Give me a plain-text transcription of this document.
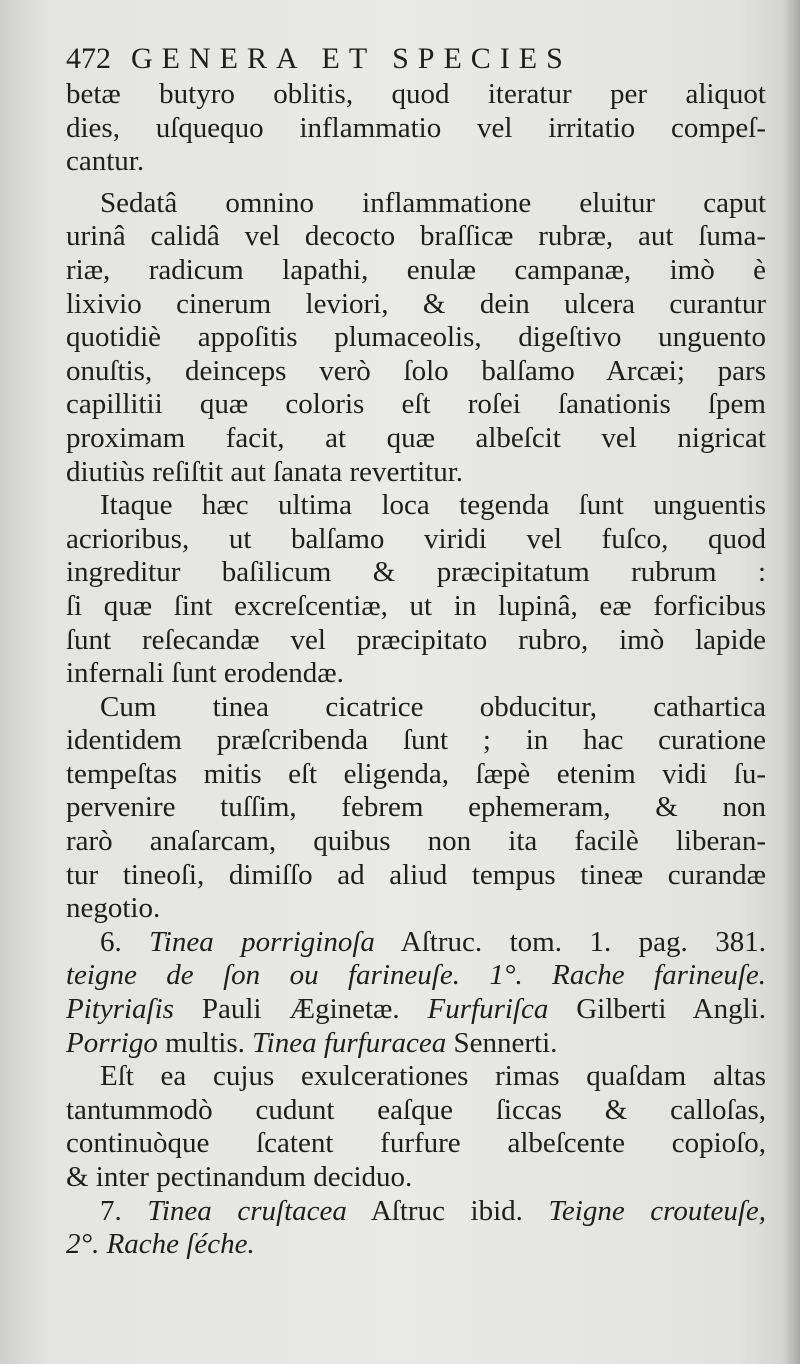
472 GENERA ET SPECIES
betæ butyro oblitis, quod iteratur per aliquot
dies, uſquequo inflammatio vel irritatio compeſ-
cantur.
Sedatâ omnino inflammatione eluitur caput
urinâ calidâ vel decocto braſſicæ rubræ, aut ſuma-
riæ, radicum lapathi, enulæ campanæ, imò è
lixivio cinerum leviori, & dein ulcera curantur
quotidiè appoſitis plumaceolis, digeſtivo unguento
onuſtis, deinceps verò ſolo balſamo Arcæi; pars
capillitii quæ coloris eſt roſei ſanationis ſpem
proximam facit, at quæ albeſcit vel nigricat
diutiùs reſiſtit aut ſanata revertitur.
Itaque hæc ultima loca tegenda ſunt unguentis
acrioribus, ut balſamo viridi vel fuſco, quod
ingreditur baſilicum & præcipitatum rubrum :
ſi quæ ſint excreſcentiæ, ut in lupinâ, eæ forficibus
ſunt reſecandæ vel præcipitato rubro, imò lapide
infernali ſunt erodendæ.
Cum tinea cicatrice obducitur, cathartica
identidem præſcribenda ſunt ; in hac curatione
tempeſtas mitis eſt eligenda, ſæpè etenim vidi ſu-
pervenire tuſſim, febrem ephemeram, & non
rarò anaſarcam, quibus non ita facilè liberan-
tur tineoſi, dimiſſo ad aliud tempus tineæ curandæ
negotio.
6. Tinea porriginoſa Aſtruc. tom. 1. pag. 381.
teigne de ſon ou farineuſe. 1°. Rache farineuſe.
Pityriaſis Pauli Æginetæ. Furfuriſca Gilberti Angli.
Porrigo multis. Tinea furfuracea Sennerti.
Eſt ea cujus exulcerationes rimas quaſdam altas
tantummodò cudunt eaſque ſiccas & calloſas,
continuòque ſcatent furfure albeſcente copioſo,
& inter pectinandum deciduo.
7. Tinea cruſtacea Aſtruc ibid. Teigne crouteuſe,
2°. Rache ſéche.
